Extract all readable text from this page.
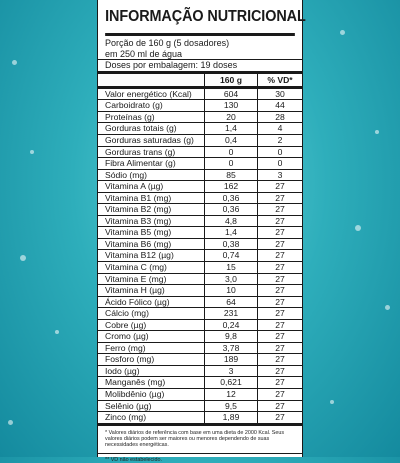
INFORMAÇÃO NUTRICIONAL
Porção de 160 g (5 dosadores)
em 250 ml de água
Doses por embalagem: 19 doses
	160 g	% VD*
Valor energético (Kcal)	604	30
Carboidrato (g)	130	44
Proteínas (g)	20	28
Gorduras totais (g)	1,4	4
Gorduras saturadas (g)	0,4	2
Gorduras trans (g)	0	0
Fibra Alimentar (g)	0	0
Sódio (mg)	85	3
Vitamina A (µg)	162	27
Vitamina B1 (mg)	0,36	27
Vitamina B2 (mg)	0,36	27
Vitamina B3 (mg)	4,8	27
Vitamina B5 (mg)	1,4	27
Vitamina B6 (mg)	0,38	27
Vitamina B12 (µg)	0,74	27
Vitamina C (mg)	15	27
Vitamina E (mg)	3,0	27
Vitamina H (µg)	10	27
Ácido Fólico (µg)	64	27
Cálcio (mg)	231	27
Cobre (µg)	0,24	27
Cromo (µg)	9,8	27
Ferro (mg)	3,78	27
Fosforo (mg)	189	27
Iodo (µg)	3	27
Manganês (mg)	0,621	27
Molibdênio (µg)	12	27
Selênio (µg)	9,5	27
Zinco (mg)	1,89	27
* Valores diários de referência com base em uma dieta de 2000 Kcal. Seus valores diários podem ser maiores ou menores dependendo de suas necessidades energéticas.
** VD não estabelecido.
